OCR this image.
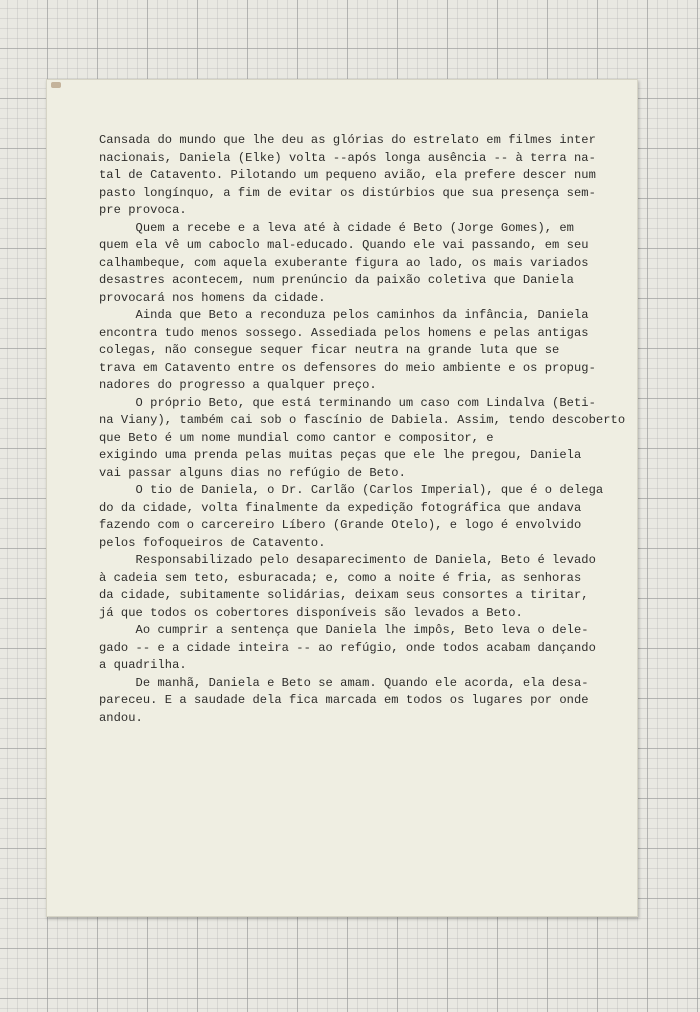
Cansada do mundo que lhe deu as glórias do estrelato em filmes inter
nacionais, Daniela (Elke) volta --após longa ausência -- à terra na-
tal de Catavento. Pilotando um pequeno avião, ela prefere descer num
pasto longínquo, a fim de evitar os distúrbios que sua presença sem-
pre provoca.
Quem a recebe e a leva até à cidade é Beto (Jorge Gomes), em
quem ela vê um caboclo mal-educado. Quando ele vai passando, em seu
calhambeque, com aquela exuberante figura ao lado, os mais variados
desastres acontecem, num prenúncio da paixão coletiva que Daniela
provocará nos homens da cidade.
Ainda que Beto a reconduza pelos caminhos da infância, Daniela
encontra tudo menos sossego. Assediada pelos homens e pelas antigas
colegas, não consegue sequer ficar neutra na grande luta que se
trava em Catavento entre os defensores do meio ambiente e os propug-
nadores do progresso a qualquer preço.
O próprio Beto, que está terminando um caso com Lindalva (Beti-
na Viany), também cai sob o fascínio de Dabiela. Assim, tendo descoberto
que Beto é um nome mundial como cantor e compositor, e
exigindo uma prenda pelas muitas peças que ele lhe pregou, Daniela
vai passar alguns dias no refúgio de Beto.
O tio de Daniela, o Dr. Carlão (Carlos Imperial), que é o delega
do da cidade, volta finalmente da expedição fotográfica que andava
fazendo com o carcereiro Líbero (Grande Otelo), e logo é envolvido
pelos fofoqueiros de Catavento.
Responsabilizado pelo desaparecimento de Daniela, Beto é levado
à cadeia sem teto, esburacada; e, como a noite é fria, as senhoras
da cidade, subitamente solidárias, deixam seus consortes a tiritar,
já que todos os cobertores disponíveis são levados a Beto.
Ao cumprir a sentença que Daniela lhe impôs, Beto leva o dele-
gado -- e a cidade inteira -- ao refúgio, onde todos acabam dançando
a quadrilha.
De manhã, Daniela e Beto se amam. Quando ele acorda, ela desa-
pareceu. E a saudade dela fica marcada em todos os lugares por onde
andou.
